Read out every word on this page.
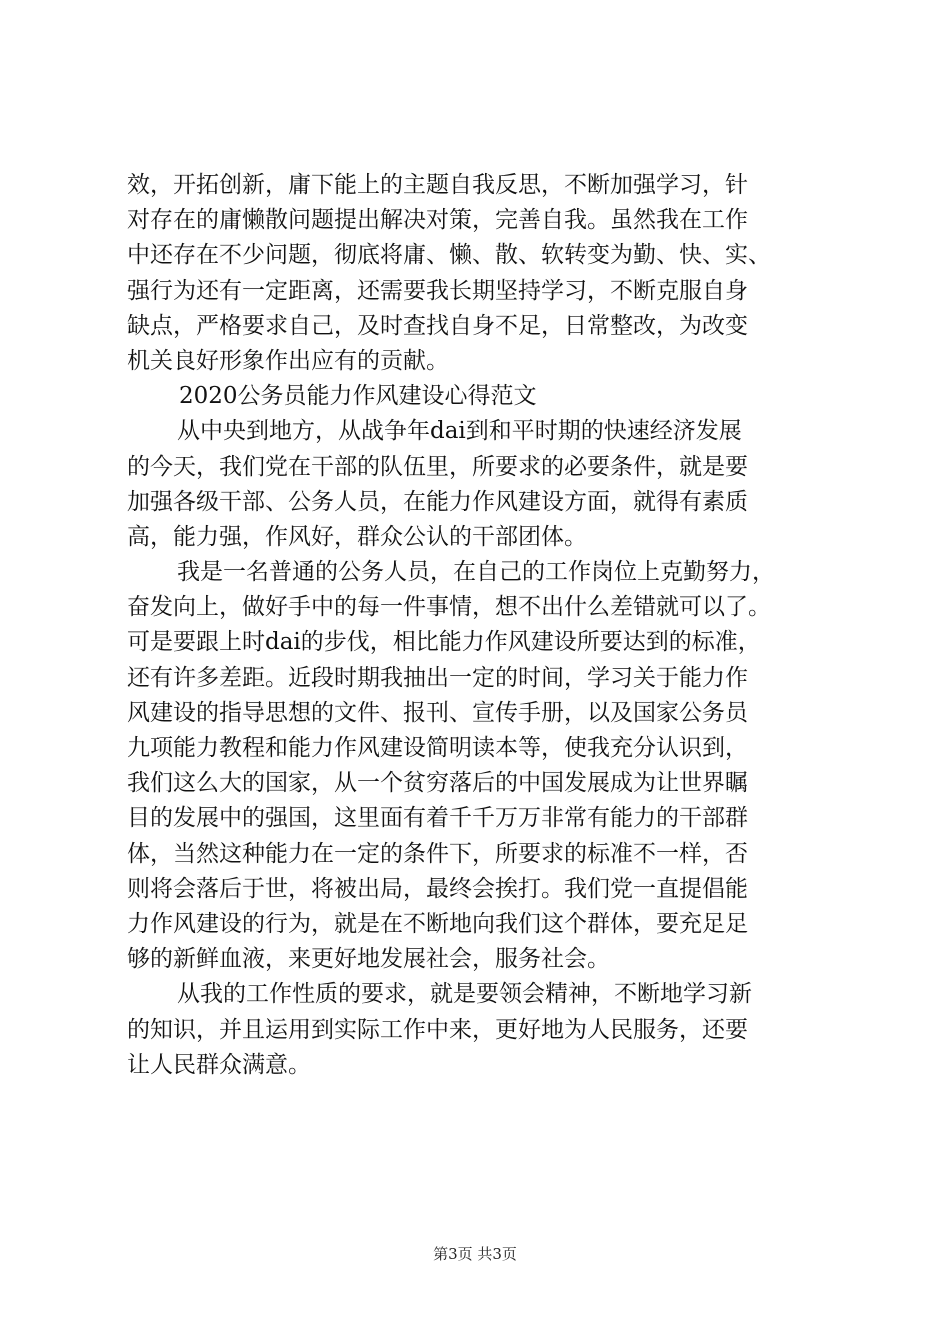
效，开拓创新，庸下能上的主题自我反思，不断加强学习，针
对存在的庸懒散问题提出解决对策，完善自我。虽然我在工作
中还存在不少问题，彻底将庸、懒、散、软转变为勤、快、实、
强行为还有一定距离，还需要我长期坚持学习，不断克服自身
缺点，严格要求自己，及时查找自身不足，日常整改，为改变
机关良好形象作出应有的贡献。
2020公务员能力作风建设心得范文
从中央到地方，从战争年dai到和平时期的快速经济发展
的今天，我们党在干部的队伍里，所要求的必要条件，就是要
加强各级干部、公务人员，在能力作风建设方面，就得有素质
高，能力强，作风好，群众公认的干部团体。
我是一名普通的公务人员，在自己的工作岗位上克勤努力，
奋发向上，做好手中的每一件事情，想不出什么差错就可以了。
可是要跟上时dai的步伐，相比能力作风建设所要达到的标准，
还有许多差距。近段时期我抽出一定的时间，学习关于能力作
风建设的指导思想的文件、报刊、宣传手册，以及国家公务员
九项能力教程和能力作风建设简明读本等，使我充分认识到，
我们这么大的国家，从一个贫穷落后的中国发展成为让世界瞩
目的发展中的强国，这里面有着千千万万非常有能力的干部群
体，当然这种能力在一定的条件下，所要求的标准不一样，否
则将会落后于世，将被出局，最终会挨打。我们党一直提倡能
力作风建设的行为，就是在不断地向我们这个群体，要充足足
够的新鲜血液，来更好地发展社会，服务社会。
从我的工作性质的要求，就是要领会精神，不断地学习新
的知识，并且运用到实际工作中来，更好地为人民服务，还要
让人民群众满意。
第3页 共3页
